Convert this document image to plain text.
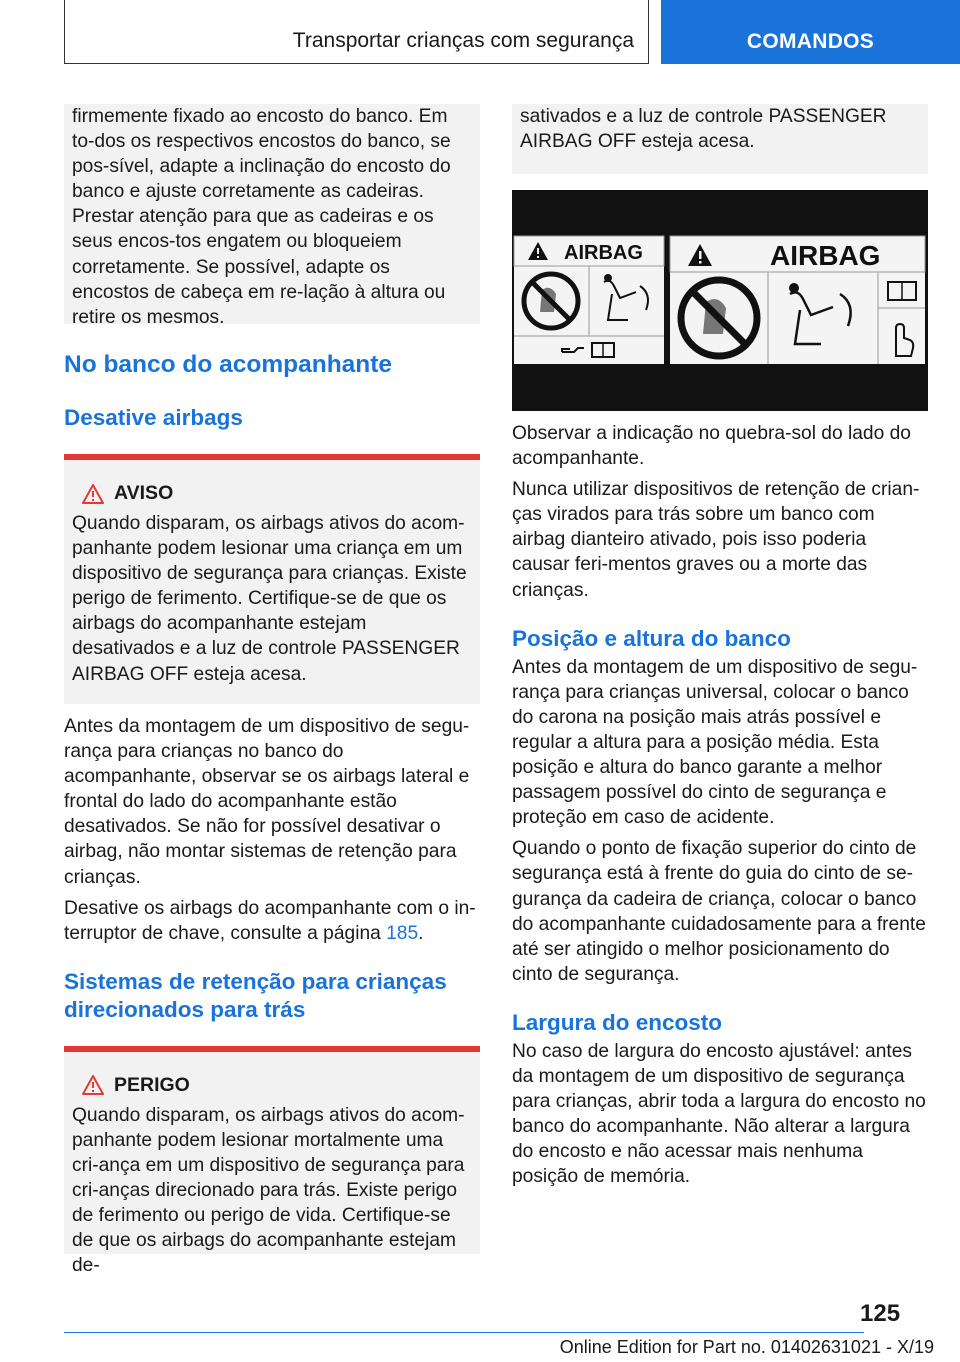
Transportar crianças com segurança	COMANDOS

firmemente fixado ao encosto do banco. Em to-dos os respectivos encostos do banco, se pos-sível, adapte a inclinação do encosto do banco e ajuste corretamente as cadeiras. Prestar atenção para que as cadeiras e os seus encos-tos engatem ou bloqueiem corretamente. Se possível, adapte os encostos de cabeça em re-lação à altura ou retire os mesmos.

No banco do acompanhante
Desative airbags
AVISO

Quando disparam, os airbags ativos do acom-panhante podem lesionar uma criança em um dispositivo de segurança para crianças. Existe perigo de ferimento. Certifique-se de que os airbags do acompanhante estejam desativados e a luz de controle PASSENGER AIRBAG OFF esteja acesa.

Antes da montagem de um dispositivo de segu-rança para crianças no banco do acompanhante, observar se os airbags lateral e frontal do lado do acompanhante estão desativados. Se não for possível desativar o airbag, não montar sistemas de retenção para crianças.

Desative os airbags do acompanhante com o in-terruptor de chave, consulte a página 185.

Sistemas de retenção para crianças direcionados para trás
PERIGO

Quando disparam, os airbags ativos do acom-panhante podem lesionar mortalmente uma cri-ança em um dispositivo de segurança para cri-anças direcionado para trás. Existe perigo de ferimento ou perigo de vida. Certifique-se de que os airbags do acompanhante estejam de-

sativados e a luz de controle PASSENGER AIRBAG OFF esteja acesa.

AIRBAG	AIRBAG

Observar a indicação no quebra-sol do lado do acompanhante.

Nunca utilizar dispositivos de retenção de crian-ças virados para trás sobre um banco com airbag dianteiro ativado, pois isso poderia causar feri-mentos graves ou a morte das crianças.

Posição e altura do banco

Antes da montagem de um dispositivo de segu-rança para crianças universal, colocar o banco do carona na posição mais atrás possível e regular a altura para a posição média. Esta posição e altura do banco garante a melhor passagem possível do cinto de segurança e proteção em caso de acidente.

Quando o ponto de fixação superior do cinto de segurança está à frente do guia do cinto de se-gurança da cadeira de criança, colocar o banco do acompanhante cuidadosamente para a frente até ser atingido o melhor posicionamento do cinto de segurança.

Largura do encosto

No caso de largura do encosto ajustável: antes da montagem de um dispositivo de segurança para crianças, abrir toda a largura do encosto no banco do acompanhante. Não alterar a largura do encosto e não acessar mais nenhuma posição de memória.

125
Online Edition for Part no. 01402631021 - X/19
